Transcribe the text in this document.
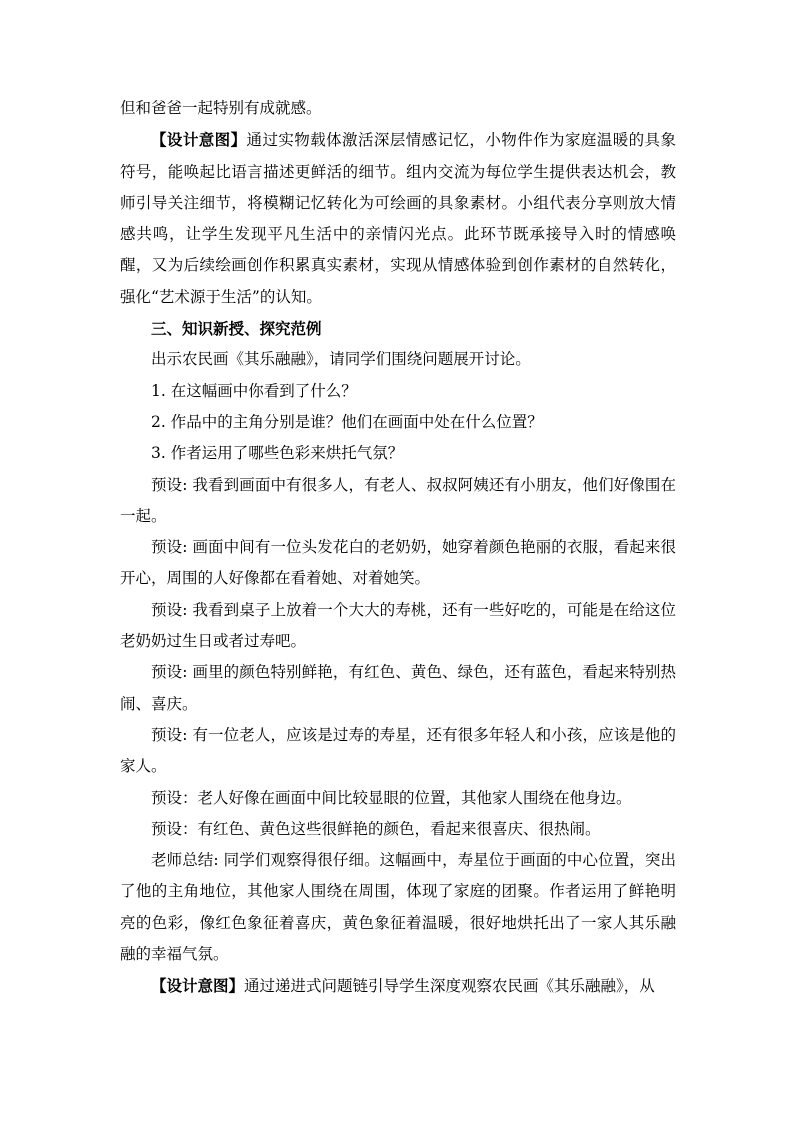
但和爸爸一起特别有成就感。

【设计意图】通过实物载体激活深层情感记忆，小物件作为家庭温暖的具象符号，能唤起比语言描述更鲜活的细节。组内交流为每位学生提供表达机会，教师引导关注细节，将模糊记忆转化为可绘画的具象素材。小组代表分享则放大情感共鸣，让学生发现平凡生活中的亲情闪光点。此环节既承接导入时的情感唤醒，又为后续绘画创作积累真实素材，实现从情感体验到创作素材的自然转化，强化“艺术源于生活”的认知。

三、知识新授、探究范例

出示农民画《其乐融融》，请同学们围绕问题展开讨论。

1. 在这幅画中你看到了什么？

2. 作品中的主角分别是谁？他们在画面中处在什么位置？

3. 作者运用了哪些色彩来烘托气氛？

预设: 我看到画面中有很多人，有老人、叔叔阿姨还有小朋友，他们好像围在一起。

预设: 画面中间有一位头发花白的老奶奶，她穿着颜色艳丽的衣服，看起来很开心，周围的人好像都在看着她、对着她笑。

预设: 我看到桌子上放着一个大大的寿桃，还有一些好吃的，可能是在给这位老奶奶过生日或者过寿吧。

预设: 画里的颜色特别鲜艳，有红色、黄色、绿色，还有蓝色，看起来特别热闹、喜庆。

预设: 有一位老人，应该是过寿的寿星，还有很多年轻人和小孩，应该是他的家人。

预设：老人好像在画面中间比较显眼的位置，其他家人围绕在他身边。

预设：有红色、黄色这些很鲜艳的颜色，看起来很喜庆、很热闹。

老师总结: 同学们观察得很仔细。这幅画中，寿星位于画面的中心位置，突出了他的主角地位，其他家人围绕在周围，体现了家庭的团聚。作者运用了鲜艳明亮的色彩，像红色象征着喜庆，黄色象征着温暖，很好地烘托出了一家人其乐融融的幸福气氛。

【设计意图】通过递进式问题链引导学生深度观察农民画《其乐融融》，从
